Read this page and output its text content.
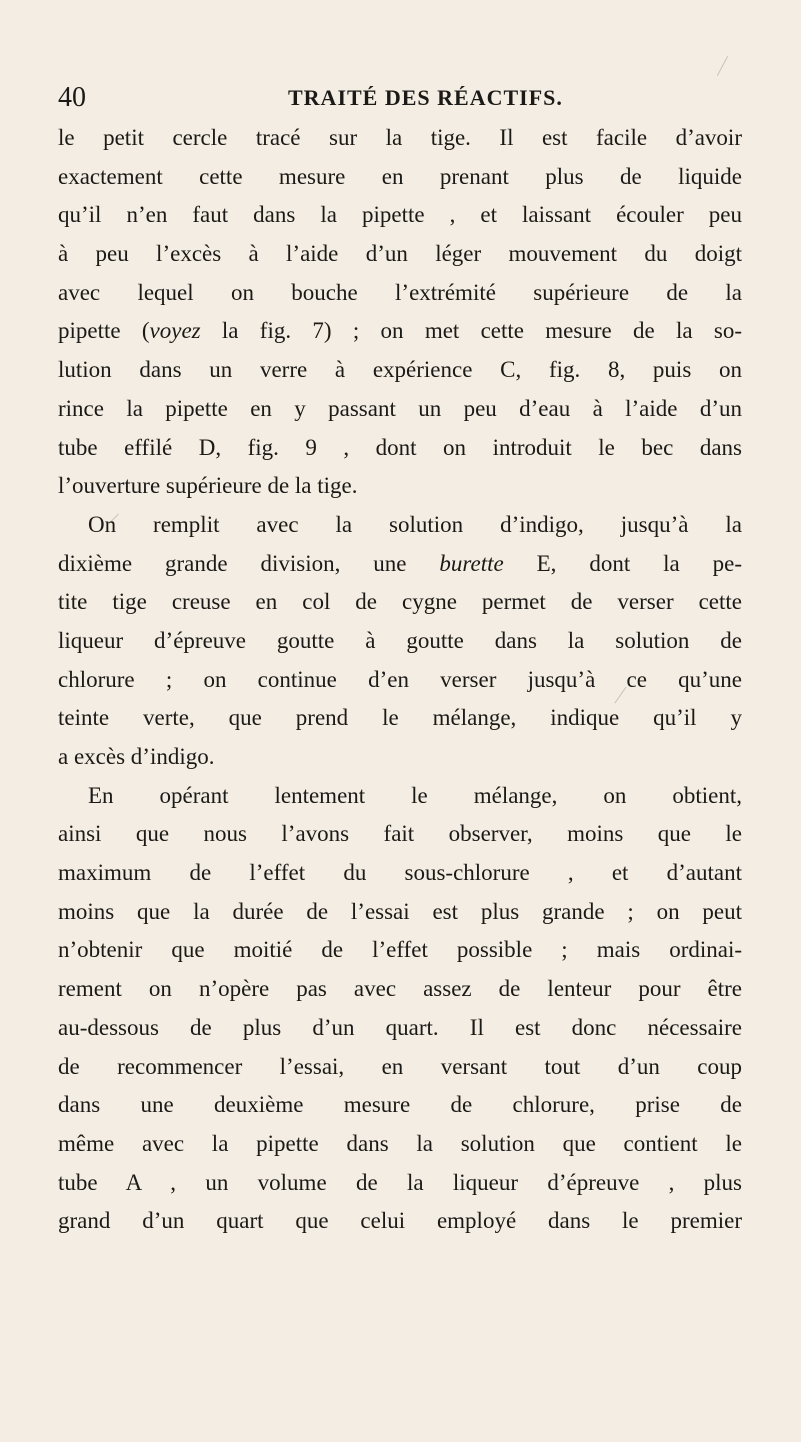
40	TRAITÉ DES RÉACTIFS.
le petit cercle tracé sur la tige. Il est facile d’avoir
exactement cette mesure en prenant plus de liquide
qu’il n’en faut dans la pipette , et laissant écouler peu
à peu l’excès à l’aide d’un léger mouvement du doigt
avec lequel on bouche l’extrémité supérieure de la
pipette (voyez la fig. 7) ; on met cette mesure de la so-
lution dans un verre à expérience C, fig. 8, puis on
rince la pipette en y passant un peu d’eau à l’aide d’un
tube effilé D, fig. 9 , dont on introduit le bec dans
l’ouverture supérieure de la tige.
On remplit avec la solution d’indigo, jusqu’à la
dixième grande division, une burette E, dont la pe-
tite tige creuse en col de cygne permet de verser cette
liqueur d’épreuve goutte à goutte dans la solution de
chlorure ; on continue d’en verser jusqu’à ce qu’une
teinte verte, que prend le mélange, indique qu’il y
a excès d’indigo.
En opérant lentement le mélange, on obtient,
ainsi que nous l’avons fait observer, moins que le
maximum de l’effet du sous-chlorure , et d’autant
moins que la durée de l’essai est plus grande ; on peut
n’obtenir que moitié de l’effet possible ; mais ordinai-
rement on n’opère pas avec assez de lenteur pour être
au-dessous de plus d’un quart. Il est donc nécessaire
de recommencer l’essai, en versant tout d’un coup
dans une deuxième mesure de chlorure, prise de
même avec la pipette dans la solution que contient le
tube A , un volume de la liqueur d’épreuve , plus
grand d’un quart que celui employé dans le premier
